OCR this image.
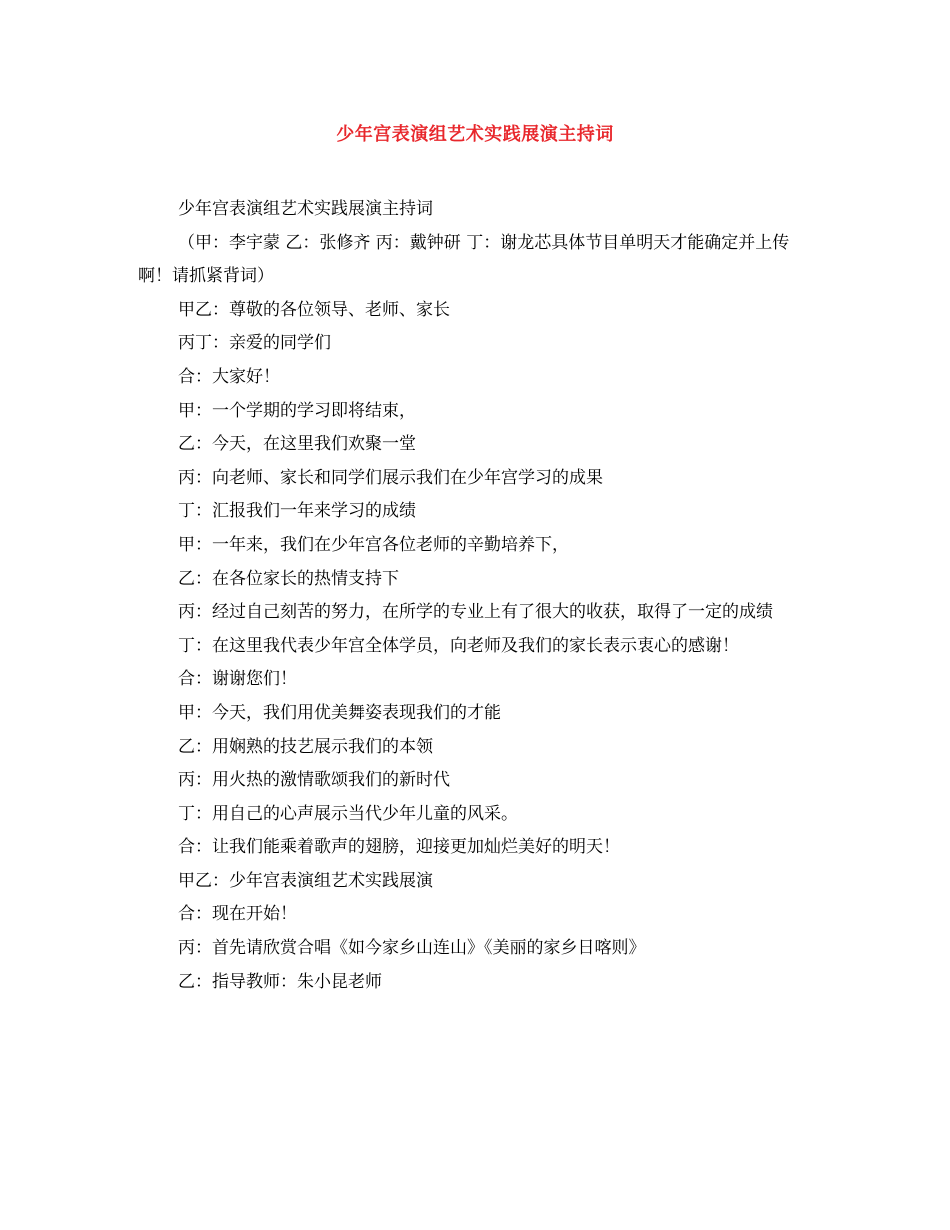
少年宫表演组艺术实践展演主持词

少年宫表演组艺术实践展演主持词

（甲：李宇蒙 乙：张修齐 丙：戴钟研 丁：谢龙芯具体节目单明天才能确定并上传啊！请抓紧背词）

甲乙：尊敬的各位领导、老师、家长

丙丁：亲爱的同学们

合：大家好！

甲：一个学期的学习即将结束，

乙：今天，在这里我们欢聚一堂

丙：向老师、家长和同学们展示我们在少年宫学习的成果

丁：汇报我们一年来学习的成绩

甲：一年来，我们在少年宫各位老师的辛勤培养下，

乙：在各位家长的热情支持下

丙：经过自己刻苦的努力，在所学的专业上有了很大的收获，取得了一定的成绩

丁：在这里我代表少年宫全体学员，向老师及我们的家长表示衷心的感谢！

合：谢谢您们！

甲：今天，我们用优美舞姿表现我们的才能

乙：用娴熟的技艺展示我们的本领

丙：用火热的激情歌颂我们的新时代

丁：用自己的心声展示当代少年儿童的风采。

合：让我们能乘着歌声的翅膀，迎接更加灿烂美好的明天！

甲乙：少年宫表演组艺术实践展演

合：现在开始！

丙：首先请欣赏合唱《如今家乡山连山》《美丽的家乡日喀则》

乙：指导教师：朱小昆老师
